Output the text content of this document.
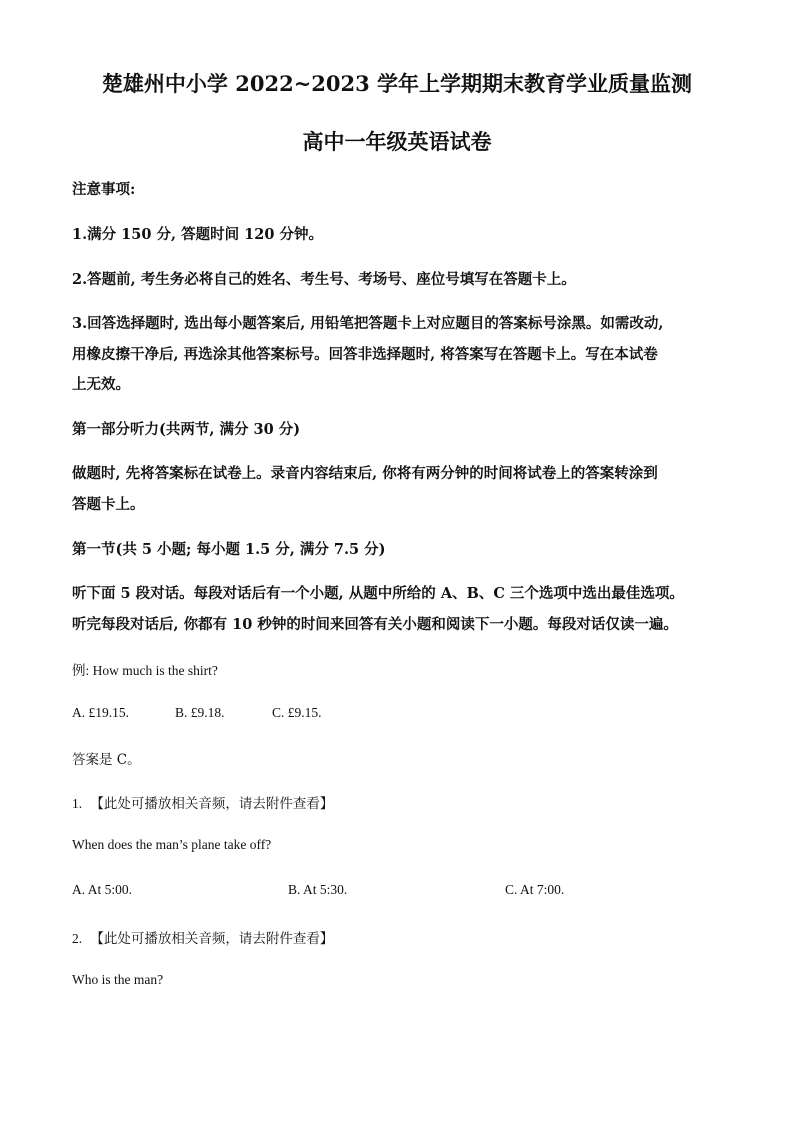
楚雄州中小学 2022~2023 学年上学期期末教育学业质量监测
高中一年级英语试卷
注意事项:
1.满分 150 分, 答题时间 120 分钟。
2.答题前, 考生务必将自己的姓名、考生号、考场号、座位号填写在答题卡上。
3.回答选择题时, 选出每小题答案后, 用铅笔把答题卡上对应题目的答案标号涂黑。如需改动,
用橡皮擦干净后, 再选涂其他答案标号。回答非选择题时, 将答案写在答题卡上。写在本试卷
上无效。
第一部分听力(共两节, 满分 30 分)
做题时, 先将答案标在试卷上。录音内容结束后, 你将有两分钟的时间将试卷上的答案转涂到
答题卡上。
第一节(共 5 小题; 每小题 1.5 分, 满分 7.5 分)
听下面 5 段对话。每段对话后有一个小题, 从题中所给的 A、B、C 三个选项中选出最佳选项。
听完每段对话后, 你都有 10 秒钟的时间来回答有关小题和阅读下一小题。每段对话仅读一遍。
例: How much is the shirt?
A. £19.15.	B. £9.18.	C. £9.15.
答案是 C。
1. 【此处可播放相关音频，请去附件查看】
When does the man’s plane take off?
A. At 5:00.	B. At 5:30.	C. At 7:00.
2. 【此处可播放相关音频，请去附件查看】
Who is the man?
